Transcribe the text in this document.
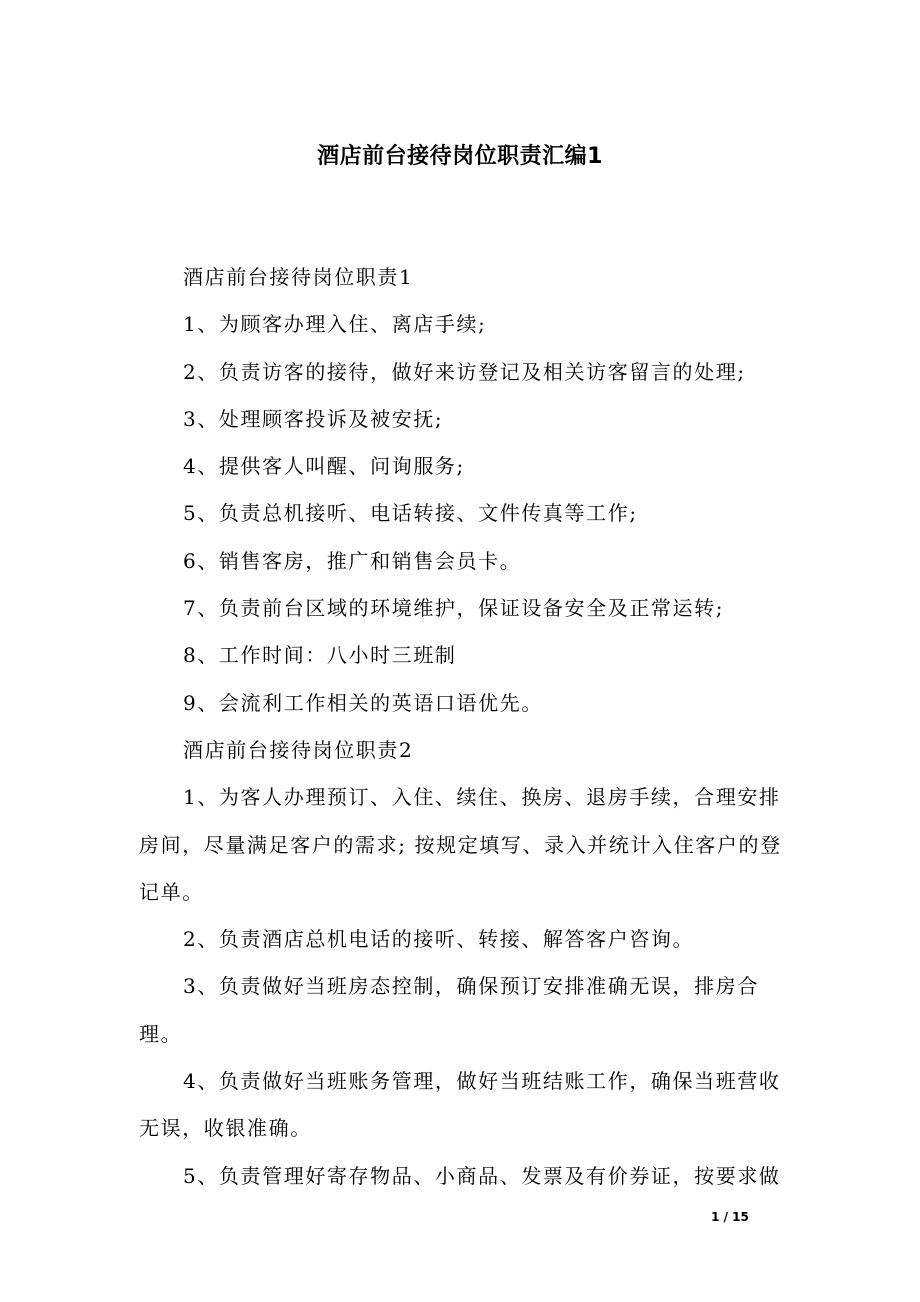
酒店前台接待岗位职责汇编1

酒店前台接待岗位职责1

1、为顾客办理入住、离店手续;

2、负责访客的接待，做好来访登记及相关访客留言的处理;

3、处理顾客投诉及被安抚;

4、提供客人叫醒、问询服务;

5、负责总机接听、电话转接、文件传真等工作;

6、销售客房，推广和销售会员卡。

7、负责前台区域的环境维护，保证设备安全及正常运转;

8、工作时间：八小时三班制

9、会流利工作相关的英语口语优先。

酒店前台接待岗位职责2

1、为客人办理预订、入住、续住、换房、退房手续，合理安排房间，尽量满足客户的需求; 按规定填写、录入并统计入住客户的登记单。

2、负责酒店总机电话的接听、转接、解答客户咨询。

3、负责做好当班房态控制，确保预订安排准确无误，排房合理。

4、负责做好当班账务管理，做好当班结账工作，确保当班营收无误，收银准确。

5、负责管理好寄存物品、小商品、发票及有价券证，按要求做

1 / 15
